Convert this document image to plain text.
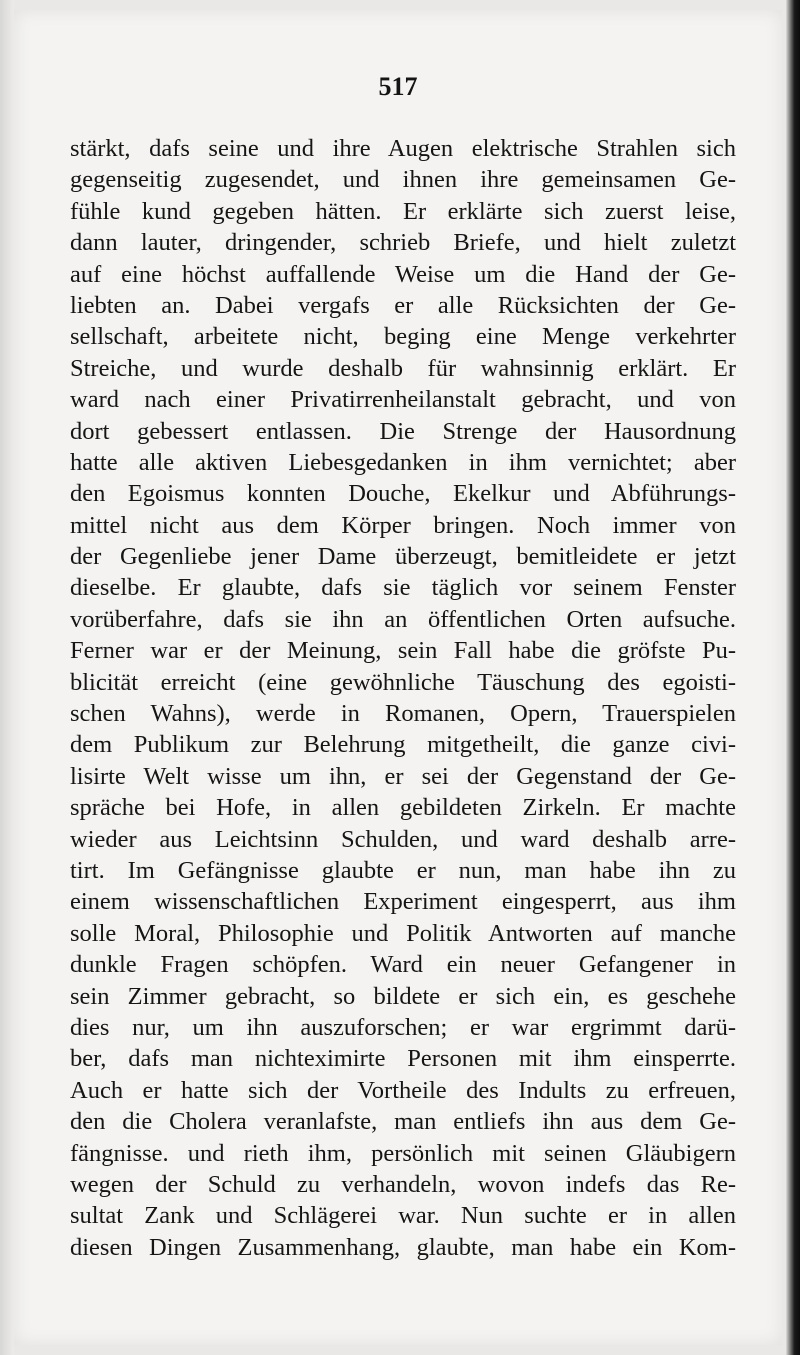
517
stärkt, dafs seine und ihre Augen elektrische Strahlen sich
gegenseitig zugesendet, und ihnen ihre gemeinsamen Ge-
fühle kund gegeben hätten. Er erklärte sich zuerst leise,
dann lauter, dringender, schrieb Briefe, und hielt zuletzt
auf eine höchst auffallende Weise um die Hand der Ge-
liebten an. Dabei vergafs er alle Rücksichten der Ge-
sellschaft, arbeitete nicht, beging eine Menge verkehrter
Streiche, und wurde deshalb für wahnsinnig erklärt. Er
ward nach einer Privatirrenheilanstalt gebracht, und von
dort gebessert entlassen. Die Strenge der Hausordnung
hatte alle aktiven Liebesgedanken in ihm vernichtet; aber
den Egoismus konnten Douche, Ekelkur und Abführungs-
mittel nicht aus dem Körper bringen. Noch immer von
der Gegenliebe jener Dame überzeugt, bemitleidete er jetzt
dieselbe. Er glaubte, dafs sie täglich vor seinem Fenster
vorüberfahre, dafs sie ihn an öffentlichen Orten aufsuche.
Ferner war er der Meinung, sein Fall habe die gröfste Pu-
blicität erreicht (eine gewöhnliche Täuschung des egoisti-
schen Wahns), werde in Romanen, Opern, Trauerspielen
dem Publikum zur Belehrung mitgetheilt, die ganze civi-
lisirte Welt wisse um ihn, er sei der Gegenstand der Ge-
spräche bei Hofe, in allen gebildeten Zirkeln. Er machte
wieder aus Leichtsinn Schulden, und ward deshalb arre-
tirt. Im Gefängnisse glaubte er nun, man habe ihn zu
einem wissenschaftlichen Experiment eingesperrt, aus ihm
solle Moral, Philosophie und Politik Antworten auf manche
dunkle Fragen schöpfen. Ward ein neuer Gefangener in
sein Zimmer gebracht, so bildete er sich ein, es geschehe
dies nur, um ihn auszuforschen; er war ergrimmt darü-
ber, dafs man nichteximirte Personen mit ihm einsperrte.
Auch er hatte sich der Vortheile des Indults zu erfreuen,
den die Cholera veranlafste, man entliefs ihn aus dem Ge-
fängnisse. und rieth ihm, persönlich mit seinen Gläubigern
wegen der Schuld zu verhandeln, wovon indefs das Re-
sultat Zank und Schlägerei war. Nun suchte er in allen
diesen Dingen Zusammenhang, glaubte, man habe ein Kom-
